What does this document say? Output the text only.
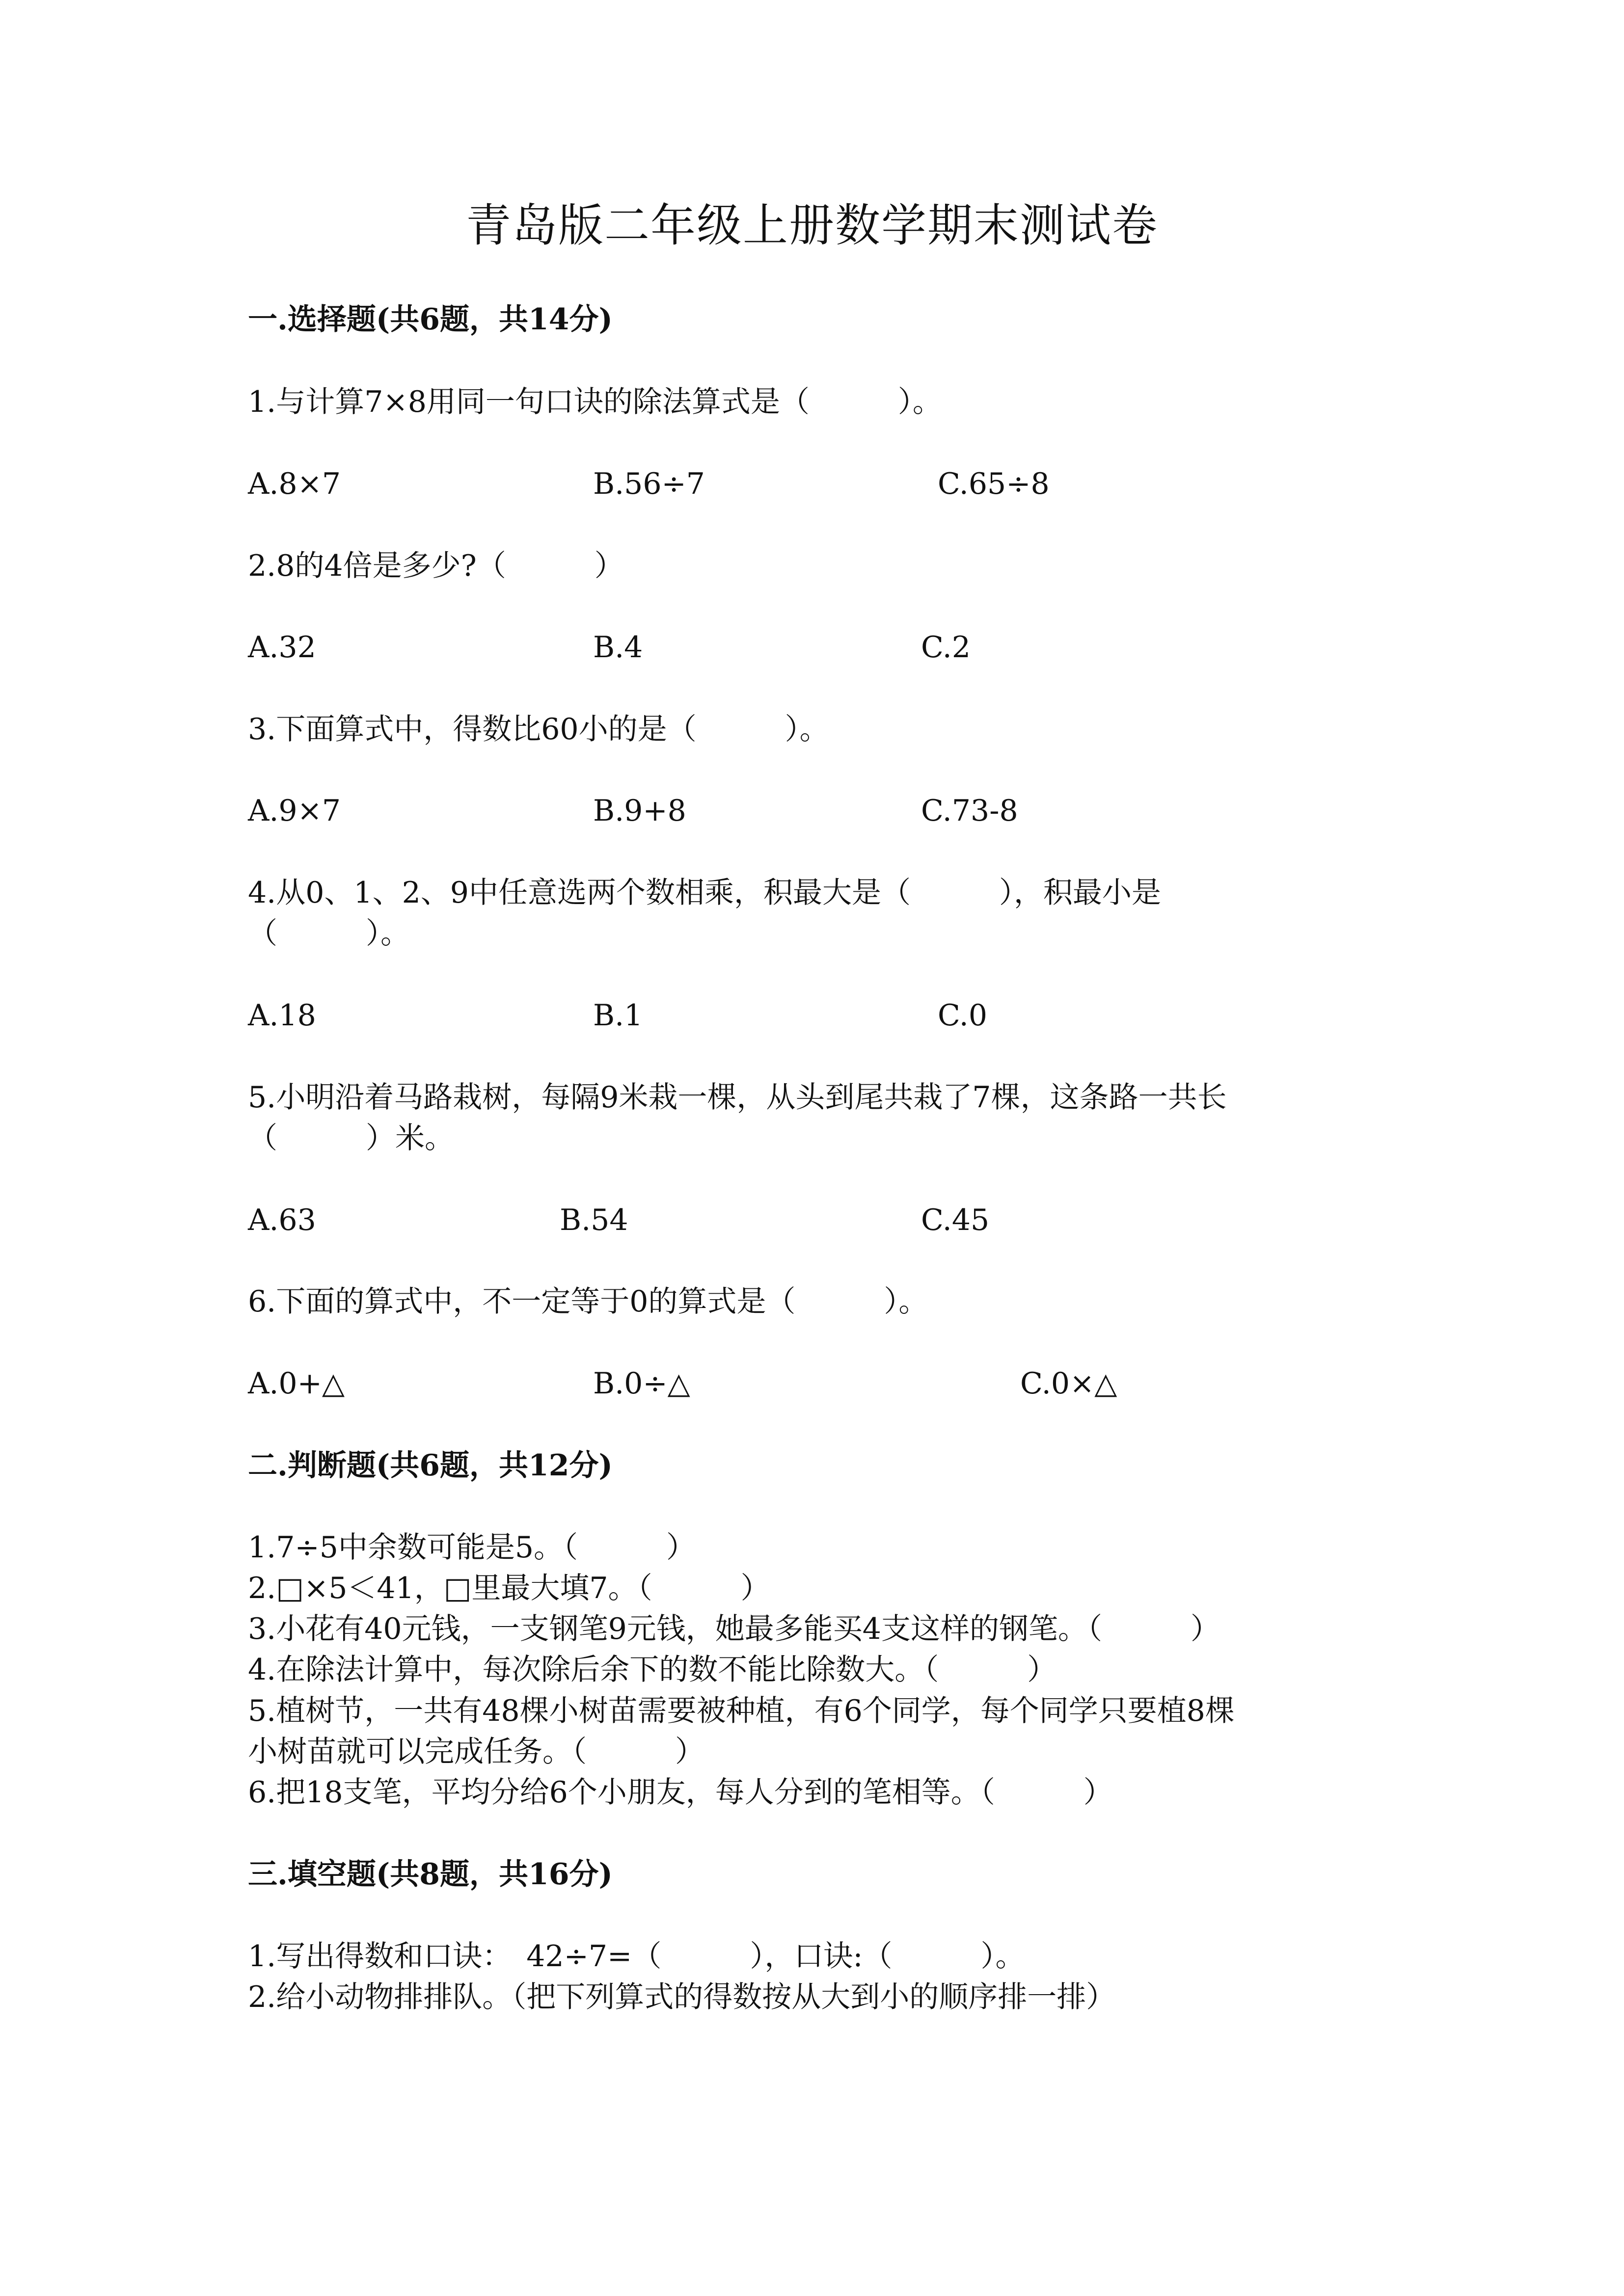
青岛版二年级上册数学期末测试卷
一.选择题(共6题，共14分)
1.与计算7×8用同一句口诀的除法算式是（　　　）。
A.8×7	B.56÷7	C.65÷8
2.8的4倍是多少?（　　　）
A.32	B.4	C.2
3.下面算式中，得数比60小的是（　　　）。
A.9×7	B.9+8	C.73-8
4.从0、1、2、9中任意选两个数相乘，积最大是（　　　），积最小是
（　　　）。
A.18	B.1	C.0
5.小明沿着马路栽树，每隔9米栽一棵，从头到尾共栽了7棵，这条路一共长
（　　　）米。
A.63	B.54	C.45
6.下面的算式中，不一定等于0的算式是（　　　）。
A.0+△	B.0÷△	C.0×△
二.判断题(共6题，共12分)
1.7÷5中余数可能是5。（　　　）
2.□×5＜41，□里最大填7。（　　　）
3.小花有40元钱，一支钢笔9元钱，她最多能买4支这样的钢笔。（　　　）
4.在除法计算中，每次除后余下的数不能比除数大。（　　　）
5.植树节，一共有48棵小树苗需要被种植，有6个同学，每个同学只要植8棵
小树苗就可以完成任务。（　　　）
6.把18支笔，平均分给6个小朋友，每人分到的笔相等。（　　　）
三.填空题(共8题，共16分)
1.写出得数和口诀：　42÷7=（　　　），口诀:（　　　）。
2.给小动物排排队。（把下列算式的得数按从大到小的顺序排一排）
